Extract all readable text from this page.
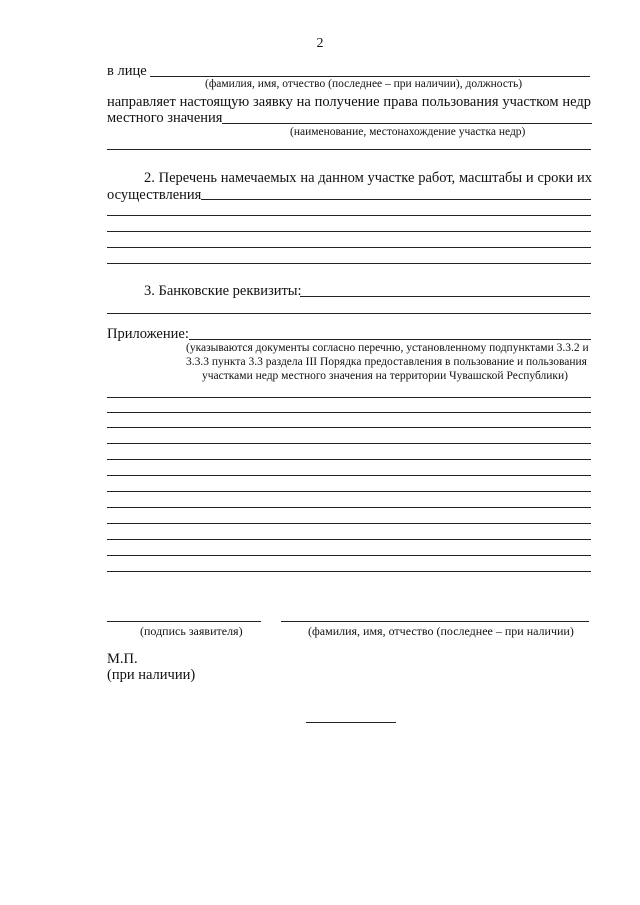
2
в лице
(фамилия, имя, отчество (последнее – при наличии), должность)
направляет настоящую заявку на получение права пользования участком недр
местного значения
(наименование, местонахождение участка недр)
2. Перечень намечаемых на данном участке работ, масштабы и сроки их
осуществления
3. Банковские реквизиты:
Приложение:
(указываются документы согласно перечню, установленному подпунктами 3.3.2 и
3.3.3 пункта 3.3 раздела III Порядка предоставления в пользование и пользования
участками недр местного значения на территории Чувашской Республики)
(подпись заявителя)	(фамилия, имя, отчество (последнее – при наличии)
М.П.
(при наличии)
